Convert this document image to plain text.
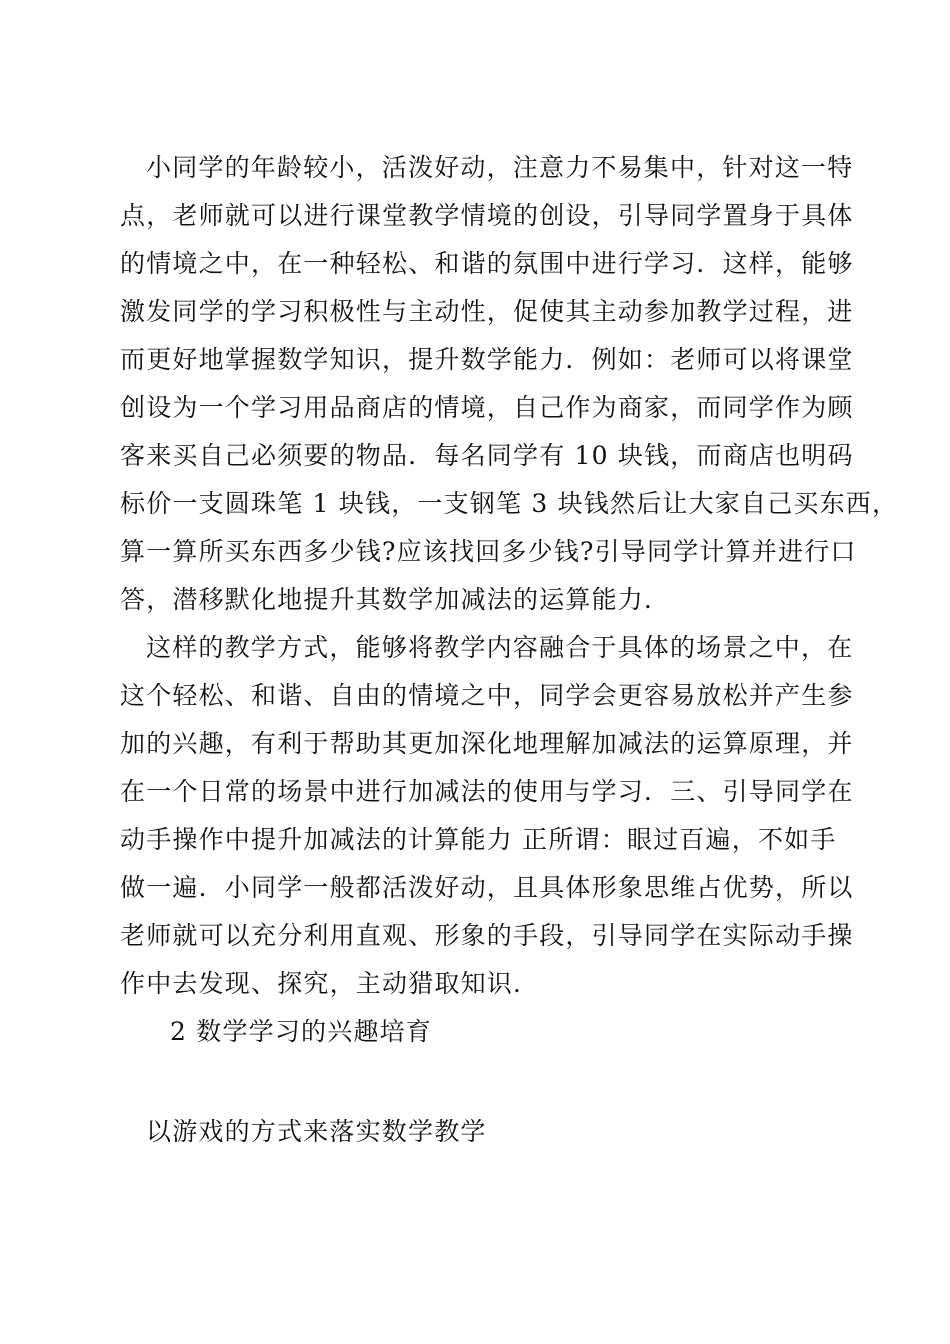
小同学的年龄较小，活泼好动，注意力不易集中，针对这一特
点，老师就可以进行课堂教学情境的创设，引导同学置身于具体
的情境之中，在一种轻松、和谐的氛围中进行学习．这样，能够
激发同学的学习积极性与主动性，促使其主动参加教学过程，进
而更好地掌握数学知识，提升数学能力．例如：老师可以将课堂
创设为一个学习用品商店的情境，自己作为商家，而同学作为顾
客来买自己必须要的物品．每名同学有 10 块钱，而商店也明码
标价一支圆珠笔 1 块钱，一支钢笔 3 块钱然后让大家自己买东西，
算一算所买东西多少钱?应该找回多少钱?引导同学计算并进行口
答，潜移默化地提升其数学加减法的运算能力．
这样的教学方式，能够将教学内容融合于具体的场景之中，在
这个轻松、和谐、自由的情境之中，同学会更容易放松并产生参
加的兴趣，有利于帮助其更加深化地理解加减法的运算原理，并
在一个日常的场景中进行加减法的使用与学习．三、引导同学在
动手操作中提升加减法的计算能力 正所谓：眼过百遍，不如手
做一遍．小同学一般都活泼好动，且具体形象思维占优势，所以
老师就可以充分利用直观、形象的手段，引导同学在实际动手操
作中去发现、探究，主动猎取知识．
2 数学学习的兴趣培育
以游戏的方式来落实数学教学
